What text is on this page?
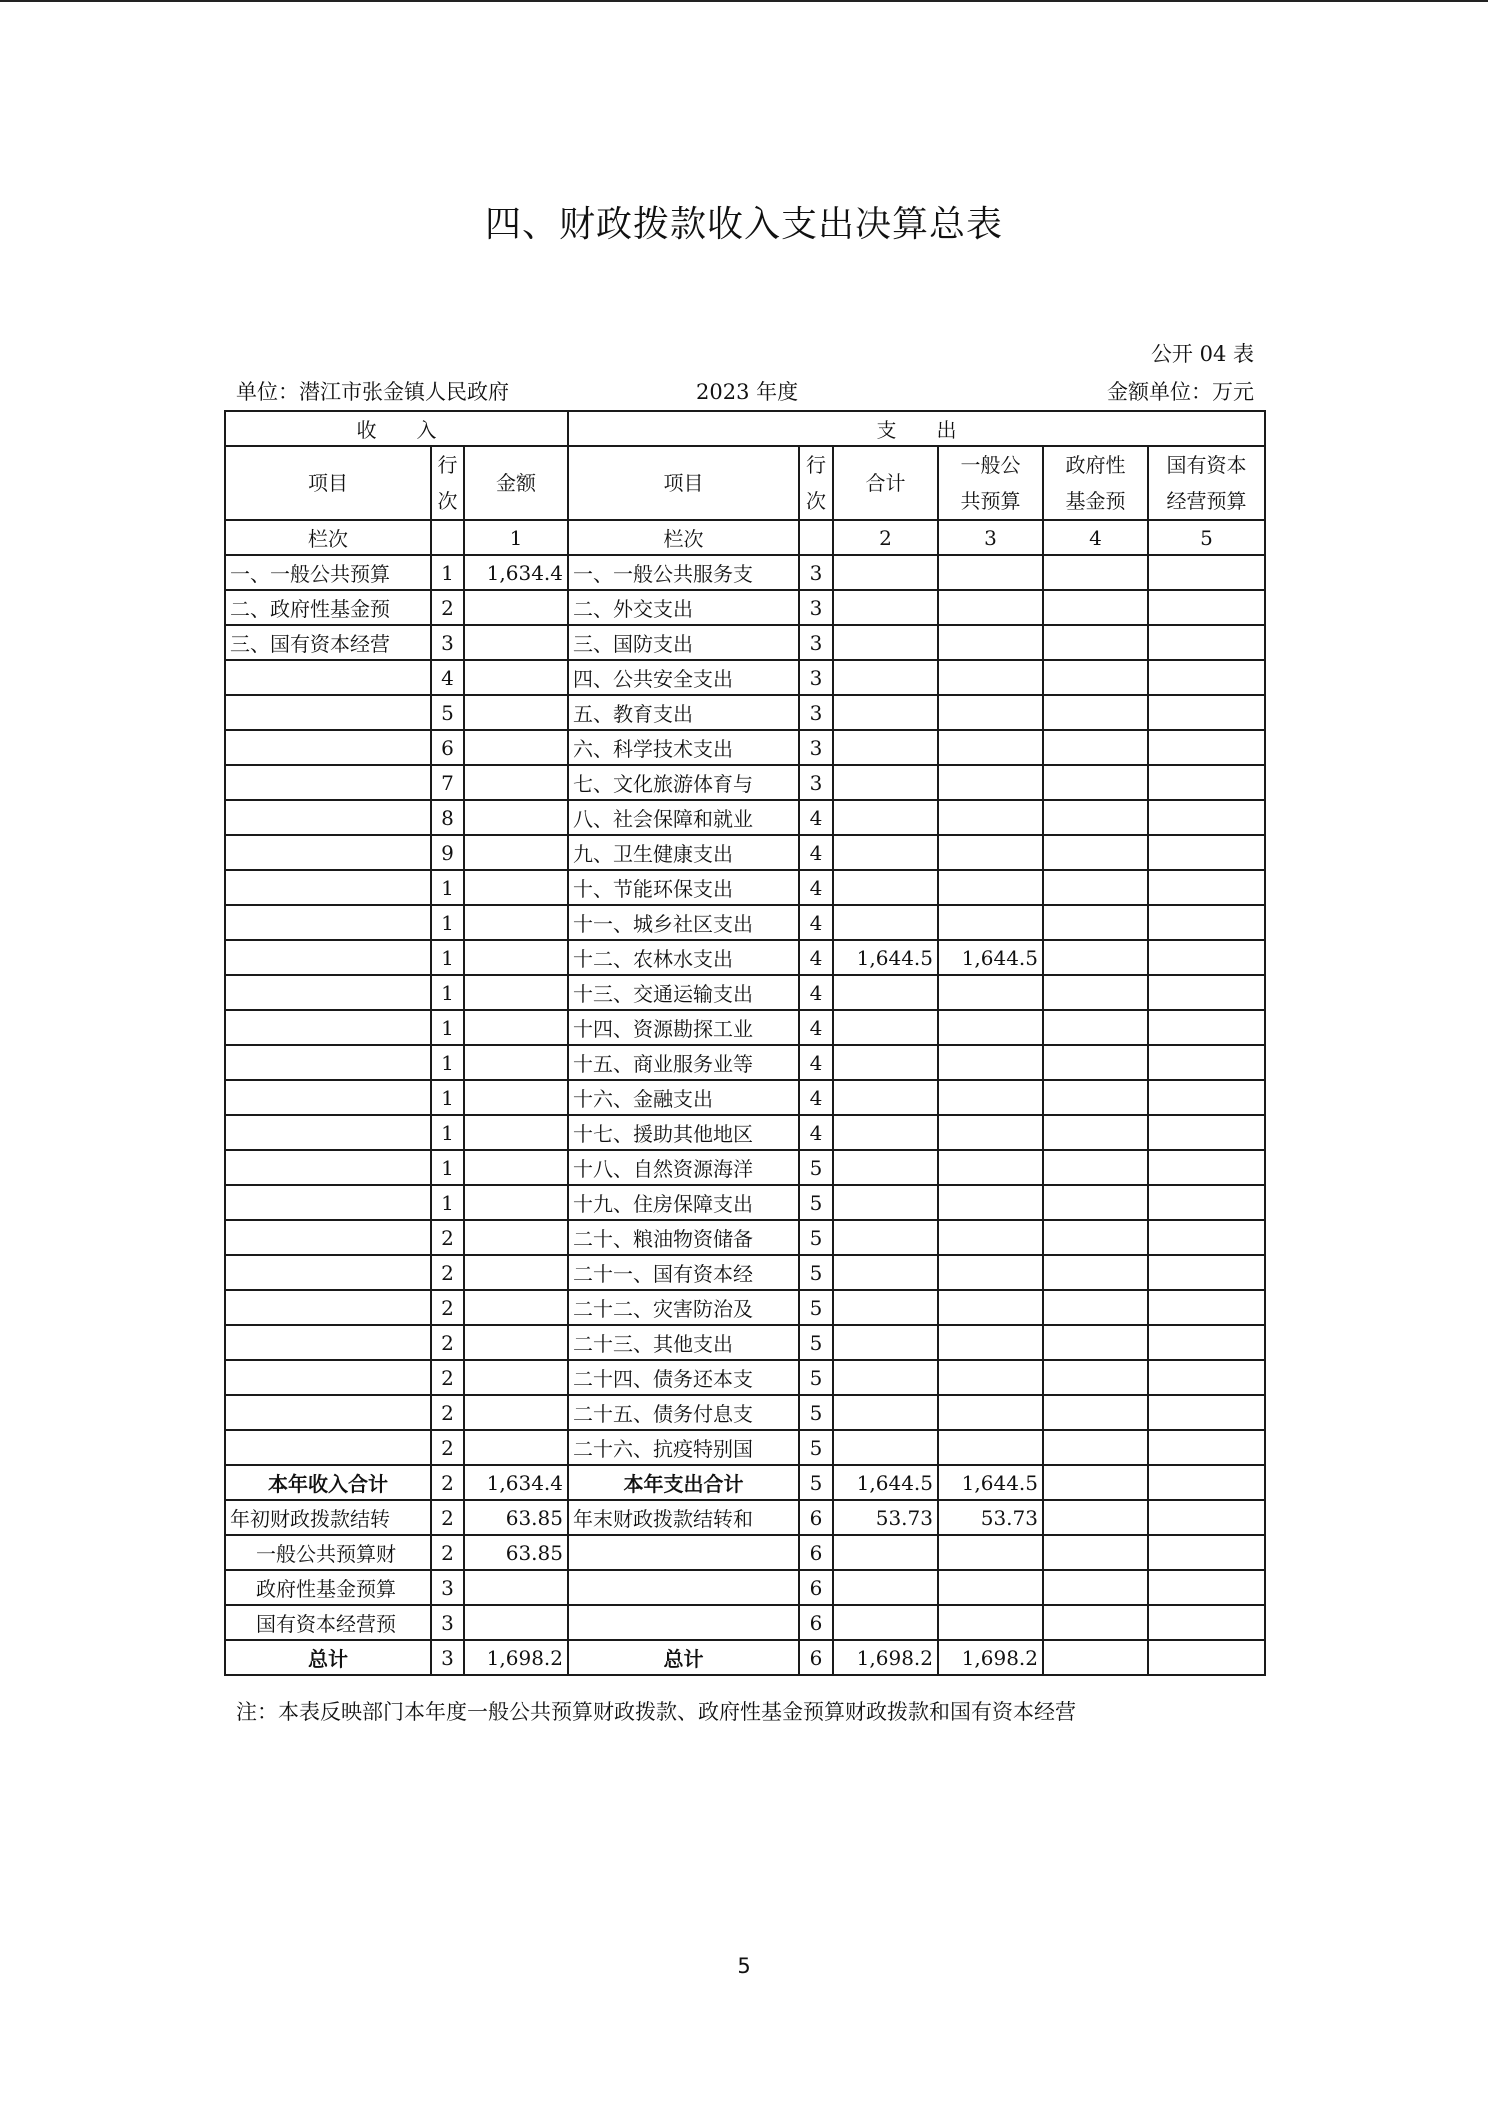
四、财政拨款收入支出决算总表
公开 04 表
单位：潜江市张金镇人民政府	2023 年度	金额单位：万元
收　　入			支　　出					
项目	行次	金额	项目	行次	合计	一般公共预算	政府性基金预	国有资本经营预算
栏次		1	栏次		2	3	4	5
一、一般公共预算	1	1,634.4	一、一般公共服务支	3				
二、政府性基金预	2		二、外交支出	3				
三、国有资本经营	3		三、国防支出	3				
	4		四、公共安全支出	3				
	5		五、教育支出	3				
	6		六、科学技术支出	3				
	7		七、文化旅游体育与	3				
	8		八、社会保障和就业	4				
	9		九、卫生健康支出	4				
	1		十、节能环保支出	4				
	1		十一、城乡社区支出	4				
	1		十二、农林水支出	4	1,644.5	1,644.5		
	1		十三、交通运输支出	4				
	1		十四、资源勘探工业	4				
	1		十五、商业服务业等	4				
	1		十六、金融支出	4				
	1		十七、援助其他地区	4				
	1		十八、自然资源海洋	5				
	1		十九、住房保障支出	5				
	2		二十、粮油物资储备	5				
	2		二十一、国有资本经	5				
	2		二十二、灾害防治及	5				
	2		二十三、其他支出	5				
	2		二十四、债务还本支	5				
	2		二十五、债务付息支	5				
	2		二十六、抗疫特别国	5				
本年收入合计	2	1,634.4	本年支出合计	5	1,644.5	1,644.5		
年初财政拨款结转	2	63.85	年末财政拨款结转和	6	53.73	53.73		
一般公共预算财	2	63.85		6				
政府性基金预算	3			6				
国有资本经营预	3			6				
总计	3	1,698.2	总计	6	1,698.2	1,698.2		
注：本表反映部门本年度一般公共预算财政拨款、政府性基金预算财政拨款和国有资本经营
5
